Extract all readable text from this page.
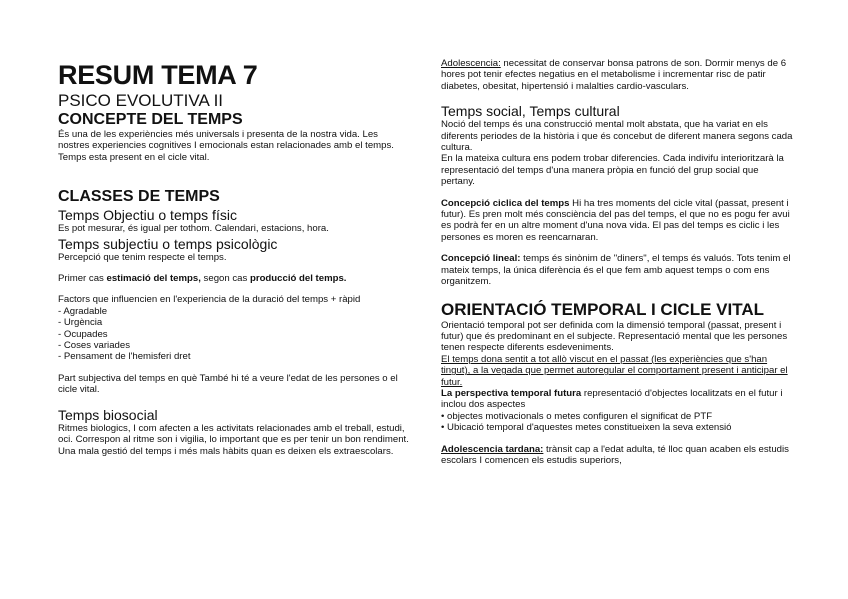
RESUM TEMA 7
PSICO EVOLUTIVA II
CONCEPTE DEL TEMPS

És una de les experiències més universals i presenta de la nostra vida. Les nostres experiencies cognitives I emocionals estan relacionades amb el temps. Temps esta present en el cicle vital.

CLASSES DE TEMPS
Temps Objectiu o temps físic

Es pot mesurar, és igual per tothom. Calendari, estacions, hora.

Temps subjectiu o temps psicològic

Percepció que tenim respecte el temps.

Primer cas estimació del temps, segon cas producció del temps.

Factors que influencien en l'experiencia de la duració del temps + ràpid

- Agradable
- Urgència
- Ocupades
- Coses variades
- Pensament de l'hemisferi dret

Part subjectiva del temps en què També hi té a veure l'edat de les persones o el cicle vital.

Temps biosocial

Ritmes biologics, I com afecten a les activitats relacionades amb el treball, estudi, oci. Correspon al ritme son i vigilia, lo important que es per tenir un bon rendiment. Una mala gestió del temps i més mals hàbits quan es deixen els extraescolars.

Adolescencia: necessitat de conservar bonsa patrons de son. Dormir menys de 6 hores pot tenir efectes negatius en el metabolisme i incrementar risc de patir diabetes, obesitat, hipertensió i malalties cardio-vasculars.

Temps social, Temps cultural

Noció del temps és una construcció mental molt abstata, que ha variat en els diferents periodes de la història i que és concebut de diferent manera segons cada cultura.

En la mateixa cultura ens podem trobar diferencies. Cada indivifu interioritzarà la representació del temps d'una manera pròpia en funció del grup social que pertany.

Concepció ciclica del temps Hi ha tres moments del cicle vital (passat, present i futur). Es pren molt més consciència del pas del temps, el que no es pogu fer avui es podrà fer en un altre moment d'una nova vida. El pas del temps es ciclic i les persones es moren es reencarnaran.

Concepció lineal: temps és sinònim de "diners", el temps és valuós. Tots tenim el mateix temps, la única diferència és el que fem amb aquest temps o com ens organitzem.

ORIENTACIÓ TEMPORAL I CICLE VITAL

Orientació temporal pot ser definida com la dimensió temporal (passat, present i futur) que és predominant en el subjecte. Representació mental que les persones tenen respecte diferents esdeveniments.

El temps dona sentit a tot allò viscut en el passat (les experiències que s'han tingut), a la vegada que permet autoregular el comportament present i anticipar el futur.

La perspectiva temporal futura representació d'objectes localitzats en el futur i inclou dos aspectes

• objectes motivacionals o metes configuren el significat de PTF
• Ubicació temporal d'aquestes metes constitueixen la seva extensió

Adolescencia tardana: trànsit cap a l'edat adulta, té lloc quan acaben els estudis escolars I comencen els estudis superiors,
